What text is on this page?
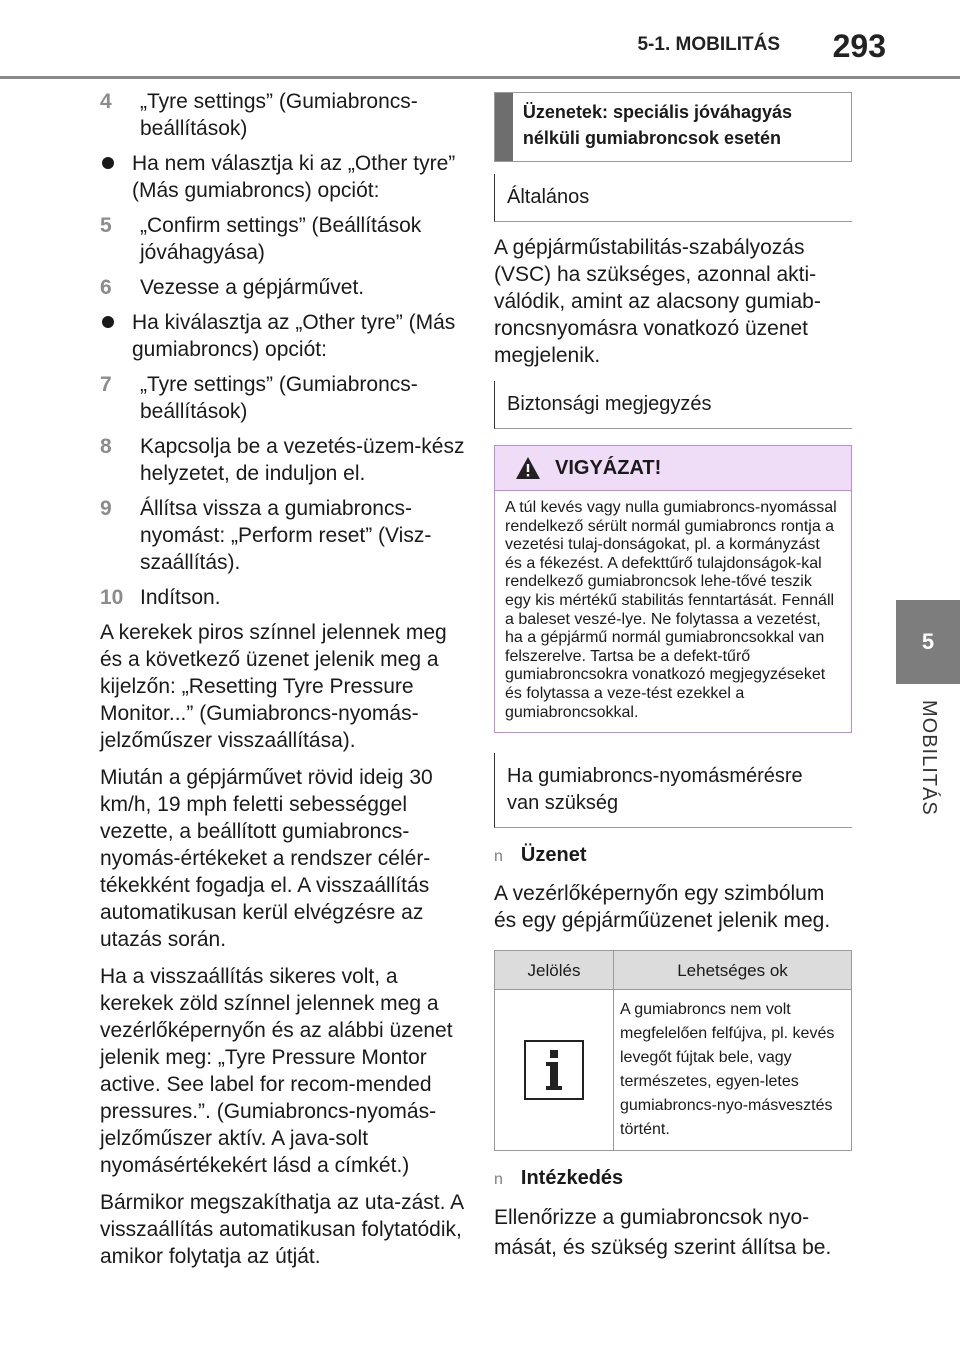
5-1. MOBILITÁS 293
5
MOBILITÁS
4 „Tyre settings” (Gumiabroncs-beállítások)
Ha nem választja ki az „Other tyre” (Más gumiabroncs) opciót:
5 „Confirm settings” (Beállítások jóváhagyása)
6 Vezesse a gépjárművet.
Ha kiválasztja az „Other tyre” (Más gumiabroncs) opciót:
7 „Tyre settings” (Gumiabroncs-beállítások)
8 Kapcsolja be a vezetés-üzem-kész helyzetet, de induljon el.
9 Állítsa vissza a gumiabroncs-nyomást: „Perform reset” (Visz-szaállítás).
10 Indítson.
A kerekek piros színnel jelennek meg és a következő üzenet jelenik meg a kijelzőn: „Resetting Tyre Pressure Monitor...” (Gumiabroncs-nyomás-jelzőműszer visszaállítása).
Miután a gépjárművet rövid ideig 30 km/h, 19 mph feletti sebességgel vezette, a beállított gumiabroncs-nyomás-értékeket a rendszer célér-tékekként fogadja el. A visszaállítás automatikusan kerül elvégzésre az utazás során.
Ha a visszaállítás sikeres volt, a kerekek zöld színnel jelennek meg a vezérlőképernyőn és az alábbi üzenet jelenik meg: „Tyre Pressure Montor active. See label for recom-mended pressures.”. (Gumiabroncs-nyomás-jelzőműszer aktív. A java-solt nyomásértékekért lásd a címkét.)
Bármikor megszakíthatja az uta-zást. A visszaállítás automatikusan folytatódik, amikor folytatja az útját.
Üzenetek: speciális jóváhagyás nélküli gumiabroncsok esetén
Általános
A gépjárműstabilitás-szabályozás (VSC) ha szükséges, azonnal akti-válódik, amint az alacsony gumiab-roncsnyomásra vonatkozó üzenet megjelenik.
Biztonsági megjegyzés
VIGYÁZAT!
A túl kevés vagy nulla gumiabroncs-nyomással rendelkező sérült normál gumiabroncs rontja a vezetési tulaj-donságokat, pl. a kormányzást és a fékezést. A defekttűrő tulajdonságok-kal rendelkező gumiabroncsok lehe-tővé teszik egy kis mértékű stabilitás fenntartását. Fennáll a baleset veszé-lye. Ne folytassa a vezetést, ha a gépjármű normál gumiabroncsokkal van felszerelve. Tartsa be a defekt-tűrő gumiabroncsokra vonatkozó megjegyzéseket és folytassa a veze-tést ezekkel a gumiabroncsokkal.
Ha gumiabroncs-nyomásmérésre van szükség
n Üzenet
A vezérlőképernyőn egy szimbólum és egy gépjárműüzenet jelenik meg.
Jelölés	Lehetséges ok

	A gumiabroncs nem volt megfelelően felfújva, pl. kevés levegőt fújtak bele, vagy természetes, egyen-letes gumiabroncs-nyo-másvesztés történt.
n Intézkedés
Ellenőrizze a gumiabroncsok nyo-mását, és szükség szerint állítsa be.
